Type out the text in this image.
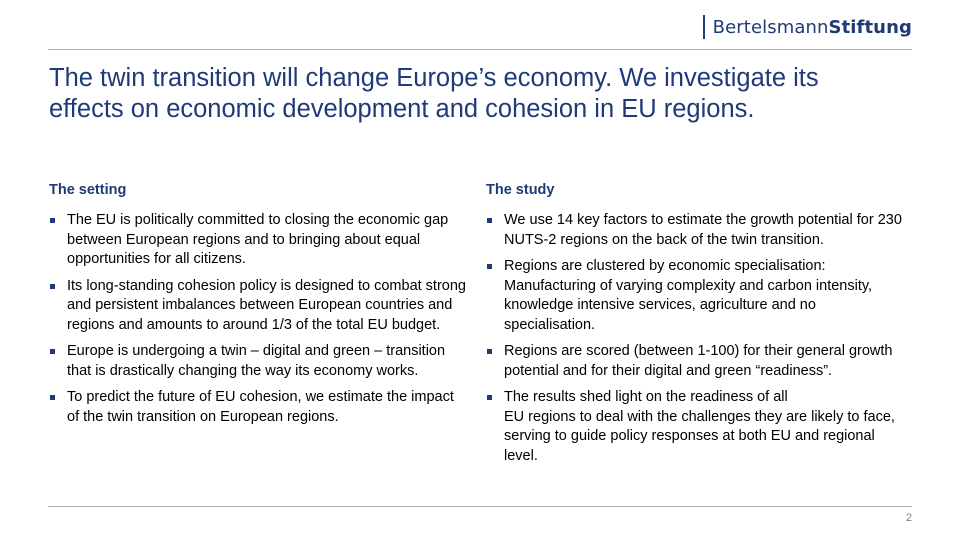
BertelsmannStiftung
The twin transition will change Europe’s economy. We investigate its effects on economic development and cohesion in EU regions.
The setting
The EU is politically committed to closing the economic gap between European regions and to bringing about equal opportunities for all citizens.
Its long-standing cohesion policy is designed to combat strong and persistent imbalances between European countries and regions and amounts to around 1/3 of the total EU budget.
Europe is undergoing a twin – digital and green – transition that is drastically changing the way its economy works.
To predict the future of EU cohesion, we estimate the impact of the twin transition on European regions.
The study
We use 14 key factors to estimate the growth potential for 230 NUTS-2 regions on the back of the twin transition.
Regions are clustered by economic specialisation: Manufacturing of varying complexity and carbon intensity, knowledge intensive services, agriculture and no specialisation.
Regions are scored (between 1-100) for their general growth potential and for their digital and green “readiness”.
The results shed light on the readiness of all
EU regions to deal with the challenges they are likely to face, serving to guide policy responses at both EU and regional level.
2
